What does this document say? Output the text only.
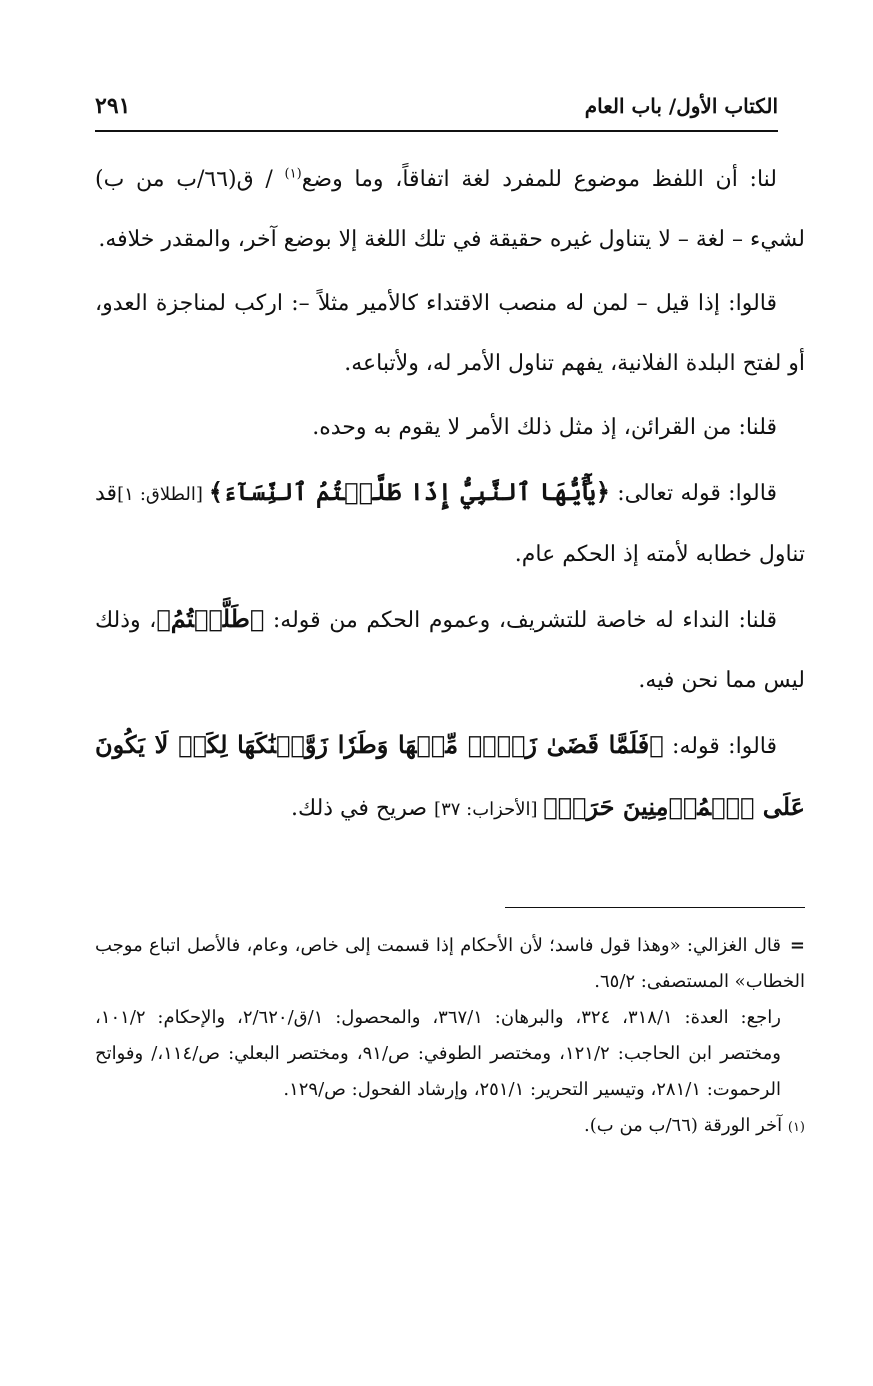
الكتاب الأول/ باب العام
٢٩١

لنا: أن اللفظ موضوع للمفرد لغة اتفاقاً، وما وضع$^{(١)}$ / ق(٦٦/ب من ب) لشيء – لغة – لا يتناول غيره حقيقة في تلك اللغة إلا بوضع آخر، والمقدر خلافه.

قالوا: إذا قيل – لمن له منصب الاقتداء كالأمير مثلاً –: اركب لمناجزة العدو، أو لفتح البلدة الفلانية، يفهم تناول الأمر له، ولأتباعه.

قلنا: من القرائن، إذ مثل ذلك الأمر لا يقوم به وحده.

قالوا: قوله تعالى: ﴿يَٰٓأَيُّهَا ٱلنَّبِيُّ إِذَا طَلَّقۡتُمُ ٱلنِّسَآءَ﴾ [الطلاق: ١]قد تناول خطابه لأمته إذ الحكم عام.

قلنا: النداء له خاصة للتشريف، وعموم الحكم من قوله: ﴿طَلَّقۡتُمُ﴾، وذلك ليس مما نحن فيه.

قالوا: قوله: ﴿فَلَمَّا قَضَىٰ زَيۡدٞ مِّنۡهَا وَطَرٗا زَوَّجۡنَٰكَهَا لِكَيۡ لَا يَكُونَ عَلَى ٱلۡمُؤۡمِنِينَ حَرَجٞ﴾ [الأحزاب: ٣٧] صريح في ذلك.

=قال الغزالي: «وهذا قول فاسد؛ لأن الأحكام إذا قسمت إلى خاص، وعام، فالأصل اتباع موجب الخطاب» المستصفى: ٦٥/٢.

راجع: العدة: ٣١٨/١، ٣٢٤، والبرهان: ٣٦٧/١، والمحصول: ١/ق/٢/٦٢٠، والإحكام: ١٠١/٢، ومختصر ابن الحاجب: ١٢١/٢، ومختصر الطوفي: ص/٩١، ومختصر البعلي: ص/١١٤،/ وفواتح الرحموت: ٢٨١/١، وتيسير التحرير: ٢٥١/١، وإرشاد الفحول: ص/١٢٩.

(١) آخر الورقة (٦٦/ب من ب).
